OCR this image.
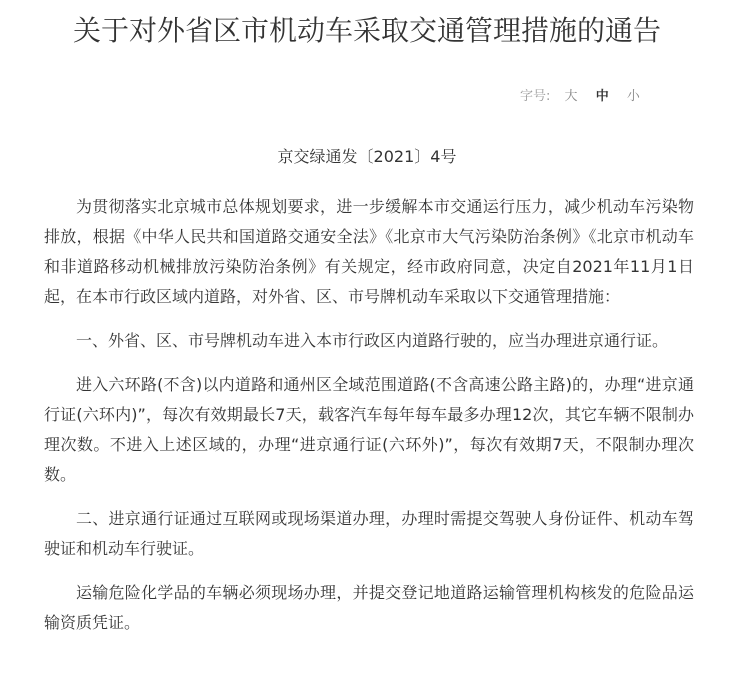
关于对外省区市机动车采取交通管理措施的通告
字号: 大 中 小
京交绿通发〔2021〕4号

为贯彻落实北京城市总体规划要求，进一步缓解本市交通运行压力，减少机动车污染物排放，根据《中华人民共和国道路交通安全法》《北京市大气污染防治条例》《北京市机动车和非道路移动机械排放污染防治条例》有关规定，经市政府同意，决定自2021年11月1日起，在本市行政区域内道路，对外省、区、市号牌机动车采取以下交通管理措施：

一、外省、区、市号牌机动车进入本市行政区内道路行驶的，应当办理进京通行证。

进入六环路(不含)以内道路和通州区全域范围道路(不含高速公路主路)的，办理“进京通行证(六环内)”，每次有效期最长7天，载客汽车每年每车最多办理12次，其它车辆不限制办理次数。不进入上述区域的，办理“进京通行证(六环外)”，每次有效期7天，不限制办理次数。

二、进京通行证通过互联网或现场渠道办理，办理时需提交驾驶人身份证件、机动车驾驶证和机动车行驶证。

运输危险化学品的车辆必须现场办理，并提交登记地道路运输管理机构核发的危险品运输资质凭证。
